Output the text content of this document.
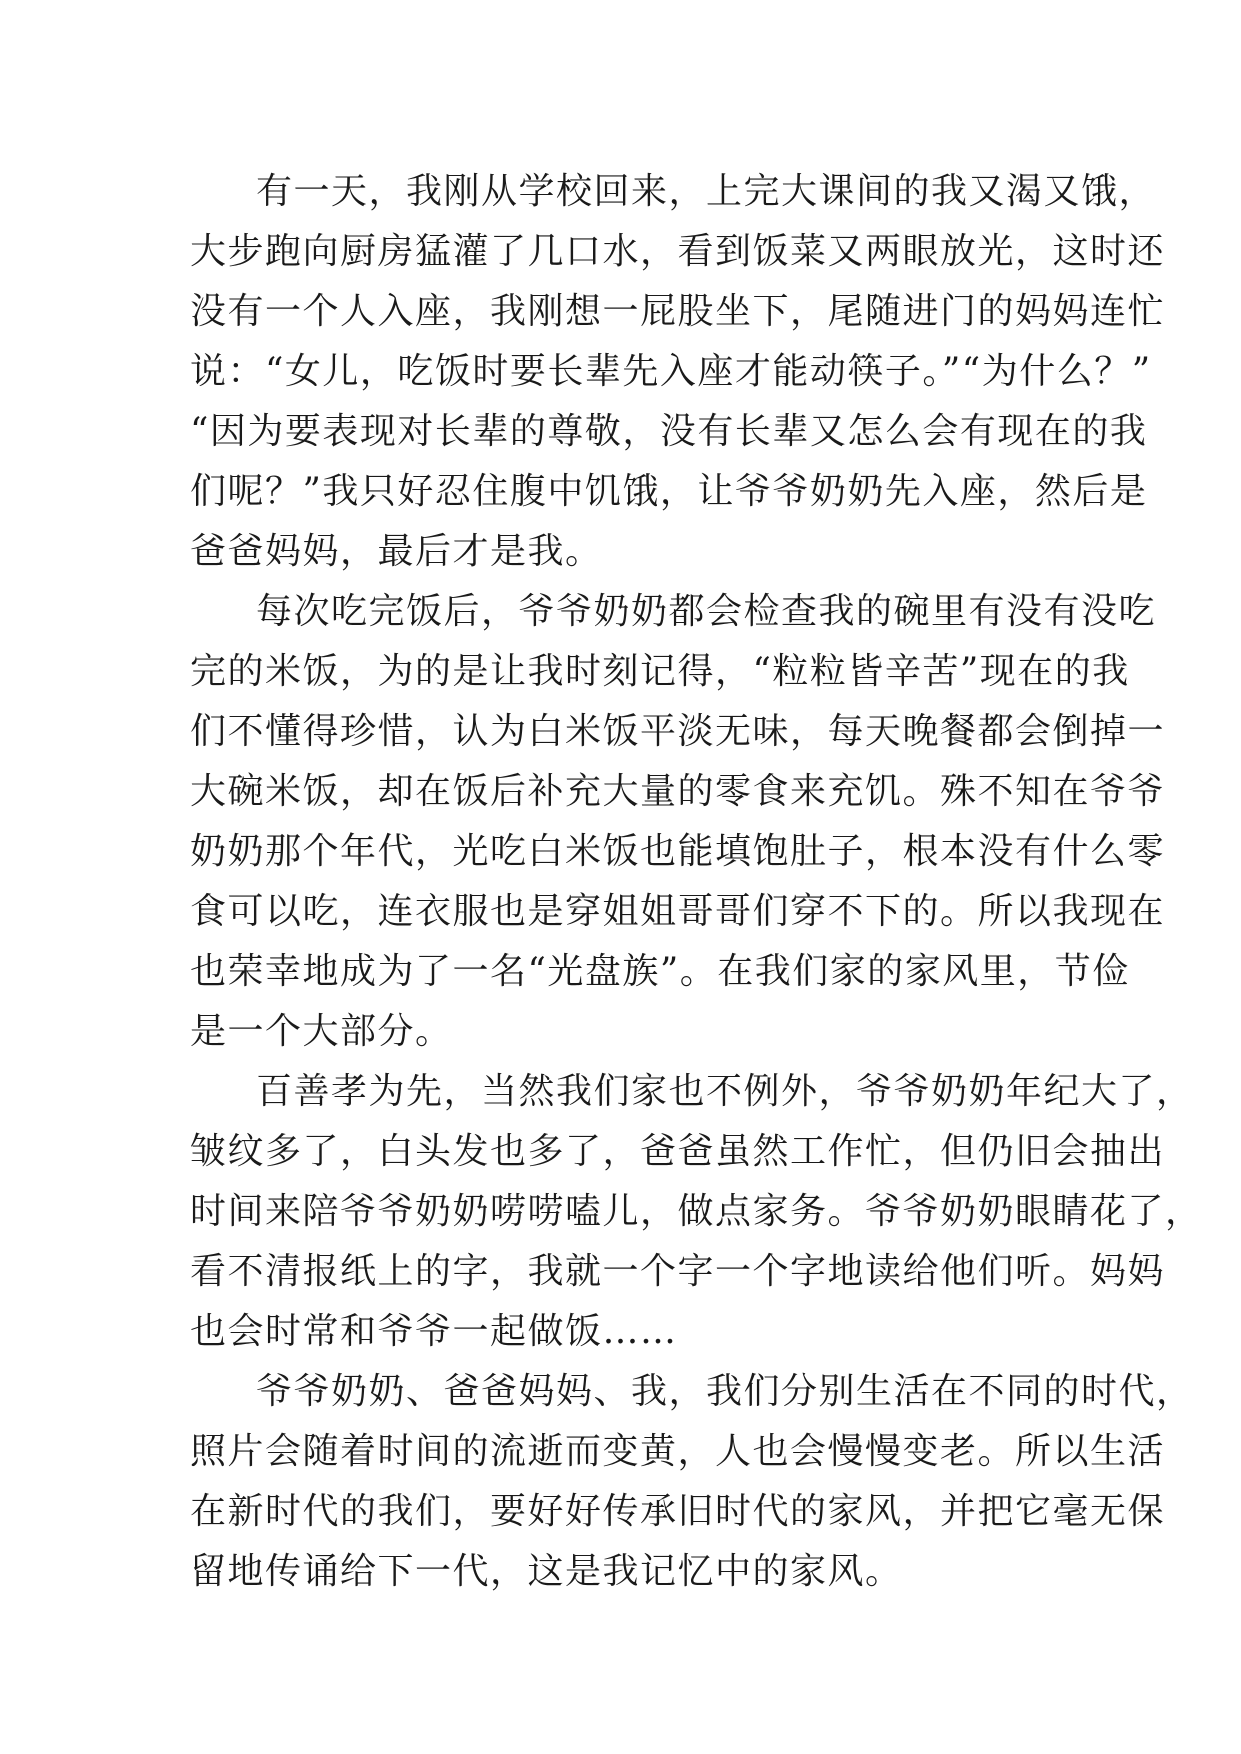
有一天，我刚从学校回来，上完大课间的我又渴又饿，
大步跑向厨房猛灌了几口水，看到饭菜又两眼放光，这时还
没有一个人入座，我刚想一屁股坐下，尾随进门的妈妈连忙
说：“女儿，吃饭时要长辈先入座才能动筷子。”“为什么？”
“因为要表现对长辈的尊敬，没有长辈又怎么会有现在的我
们呢？”我只好忍住腹中饥饿，让爷爷奶奶先入座，然后是
爸爸妈妈，最后才是我。

每次吃完饭后，爷爷奶奶都会检查我的碗里有没有没吃
完的米饭，为的是让我时刻记得，“粒粒皆辛苦”现在的我
们不懂得珍惜，认为白米饭平淡无味，每天晚餐都会倒掉一
大碗米饭，却在饭后补充大量的零食来充饥。殊不知在爷爷
奶奶那个年代，光吃白米饭也能填饱肚子，根本没有什么零
食可以吃，连衣服也是穿姐姐哥哥们穿不下的。所以我现在
也荣幸地成为了一名“光盘族”。在我们家的家风里，节俭
是一个大部分。

百善孝为先，当然我们家也不例外，爷爷奶奶年纪大了，
皱纹多了，白头发也多了，爸爸虽然工作忙，但仍旧会抽出
时间来陪爷爷奶奶唠唠嗑儿，做点家务。爷爷奶奶眼睛花了，
看不清报纸上的字，我就一个字一个字地读给他们听。妈妈
也会时常和爷爷一起做饭……

爷爷奶奶、爸爸妈妈、我，我们分别生活在不同的时代，
照片会随着时间的流逝而变黄，人也会慢慢变老。所以生活
在新时代的我们，要好好传承旧时代的家风，并把它毫无保
留地传诵给下一代，这是我记忆中的家风。
